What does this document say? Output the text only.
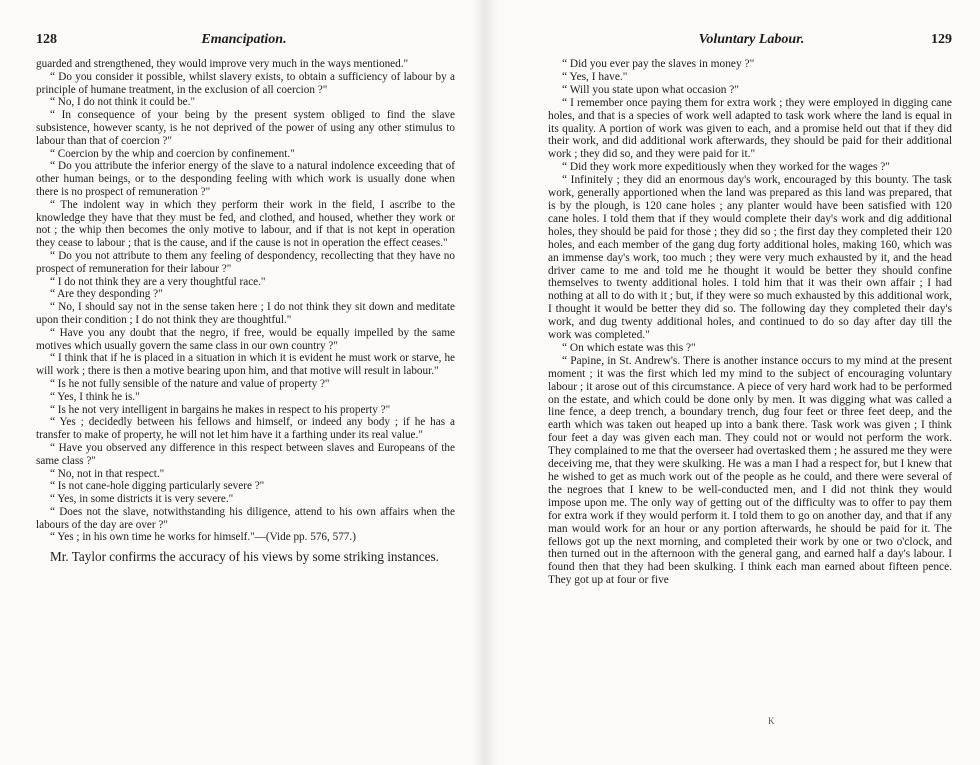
128	Emancipation.

guarded and strengthened, they would improve very much in the ways mentioned."

“ Do you consider it possible, whilst slavery exists, to obtain a sufficiency of labour by a principle of humane treatment, in the exclusion of all coercion ?"

“ No, I do not think it could be."

“ In consequence of your being by the present system obliged to find the slave subsistence, however scanty, is he not deprived of the power of using any other stimulus to labour than that of coercion ?"

“ Coercion by the whip and coercion by confinement."

“ Do you attribute the inferior energy of the slave to a natural indolence exceeding that of other human beings, or to the desponding feeling with which work is usually done when there is no prospect of remuneration ?"

“ The indolent way in which they perform their work in the field, I ascribe to the knowledge they have that they must be fed, and clothed, and housed, whether they work or not ; the whip then becomes the only motive to labour, and if that is not kept in operation they cease to labour ; that is the cause, and if the cause is not in operation the effect ceases."

“ Do you not attribute to them any feeling of despondency, recollecting that they have no prospect of remuneration for their labour ?"

“ I do not think they are a very thoughtful race."

“ Are they desponding ?"

“ No, I should say not in the sense taken here ; I do not think they sit down and meditate upon their condition ; I do not think they are thoughtful."

“ Have you any doubt that the negro, if free, would be equally impelled by the same motives which usually govern the same class in our own country ?"

“ I think that if he is placed in a situation in which it is evident he must work or starve, he will work ; there is then a motive bearing upon him, and that motive will result in labour."

“ Is he not fully sensible of the nature and value of property ?"

“ Yes, I think he is."

“ Is he not very intelligent in bargains he makes in respect to his property ?"

“ Yes ; decidedly between his fellows and himself, or indeed any body ; if he has a transfer to make of property, he will not let him have it a farthing under its real value."

“ Have you observed any difference in this respect between slaves and Europeans of the same class ?"

“ No, not in that respect."

“ Is not cane-hole digging particularly severe ?"

“ Yes, in some districts it is very severe."

“ Does not the slave, notwithstanding his diligence, attend to his own affairs when the labours of the day are over ?"

“ Yes ; in his own time he works for himself."—(Vide pp. 576, 577.)

Mr. Taylor confirms the accuracy of his views by some striking instances.

Voluntary Labour.	129

“ Did you ever pay the slaves in money ?"

“ Yes, I have."

“ Will you state upon what occasion ?"

“ I remember once paying them for extra work ; they were employed in digging cane holes, and that is a species of work well adapted to task work where the land is equal in its quality. A portion of work was given to each, and a promise held out that if they did their work, and did additional work afterwards, they should be paid for their additional work ; they did so, and they were paid for it."

“ Did they work more expeditiously when they worked for the wages ?"

“ Infinitely ; they did an enormous day's work, encouraged by this bounty. The task work, generally apportioned when the land was prepared as this land was prepared, that is by the plough, is 120 cane holes ; any planter would have been satisfied with 120 cane holes. I told them that if they would complete their day's work and dig additional holes, they should be paid for those ; they did so ; the first day they completed their 120 holes, and each member of the gang dug forty additional holes, making 160, which was an immense day's work, too much ; they were very much exhausted by it, and the head driver came to me and told me he thought it would be better they should confine themselves to twenty additional holes. I told him that it was their own affair ; I had nothing at all to do with it ; but, if they were so much exhausted by this additional work, I thought it would be better they did so. The following day they completed their day's work, and dug twenty additional holes, and continued to do so day after day till the work was completed."

“ On which estate was this ?"

“ Papine, in St. Andrew's. There is another instance occurs to my mind at the present moment ; it was the first which led my mind to the subject of encouraging voluntary labour ; it arose out of this circumstance. A piece of very hard work had to be performed on the estate, and which could be done only by men. It was digging what was called a line fence, a deep trench, a boundary trench, dug four feet or three feet deep, and the earth which was taken out heaped up into a bank there. Task work was given ; I think four feet a day was given each man. They could not or would not perform the work. They complained to me that the overseer had overtasked them ; he assured me they were deceiving me, that they were skulking. He was a man I had a respect for, but I knew that he wished to get as much work out of the people as he could, and there were several of the negroes that I knew to be well-conducted men, and I did not think they would impose upon me. The only way of getting out of the difficulty was to offer to pay them for extra work if they would perform it. I told them to go on another day, and that if any man would work for an hour or any portion afterwards, he should be paid for it. The fellows got up the next morning, and completed their work by one or two o'clock, and then turned out in the afternoon with the general gang, and earned half a day's labour. I found then that they had been skulking. I think each man earned about fifteen pence. They got up at four or five

K
